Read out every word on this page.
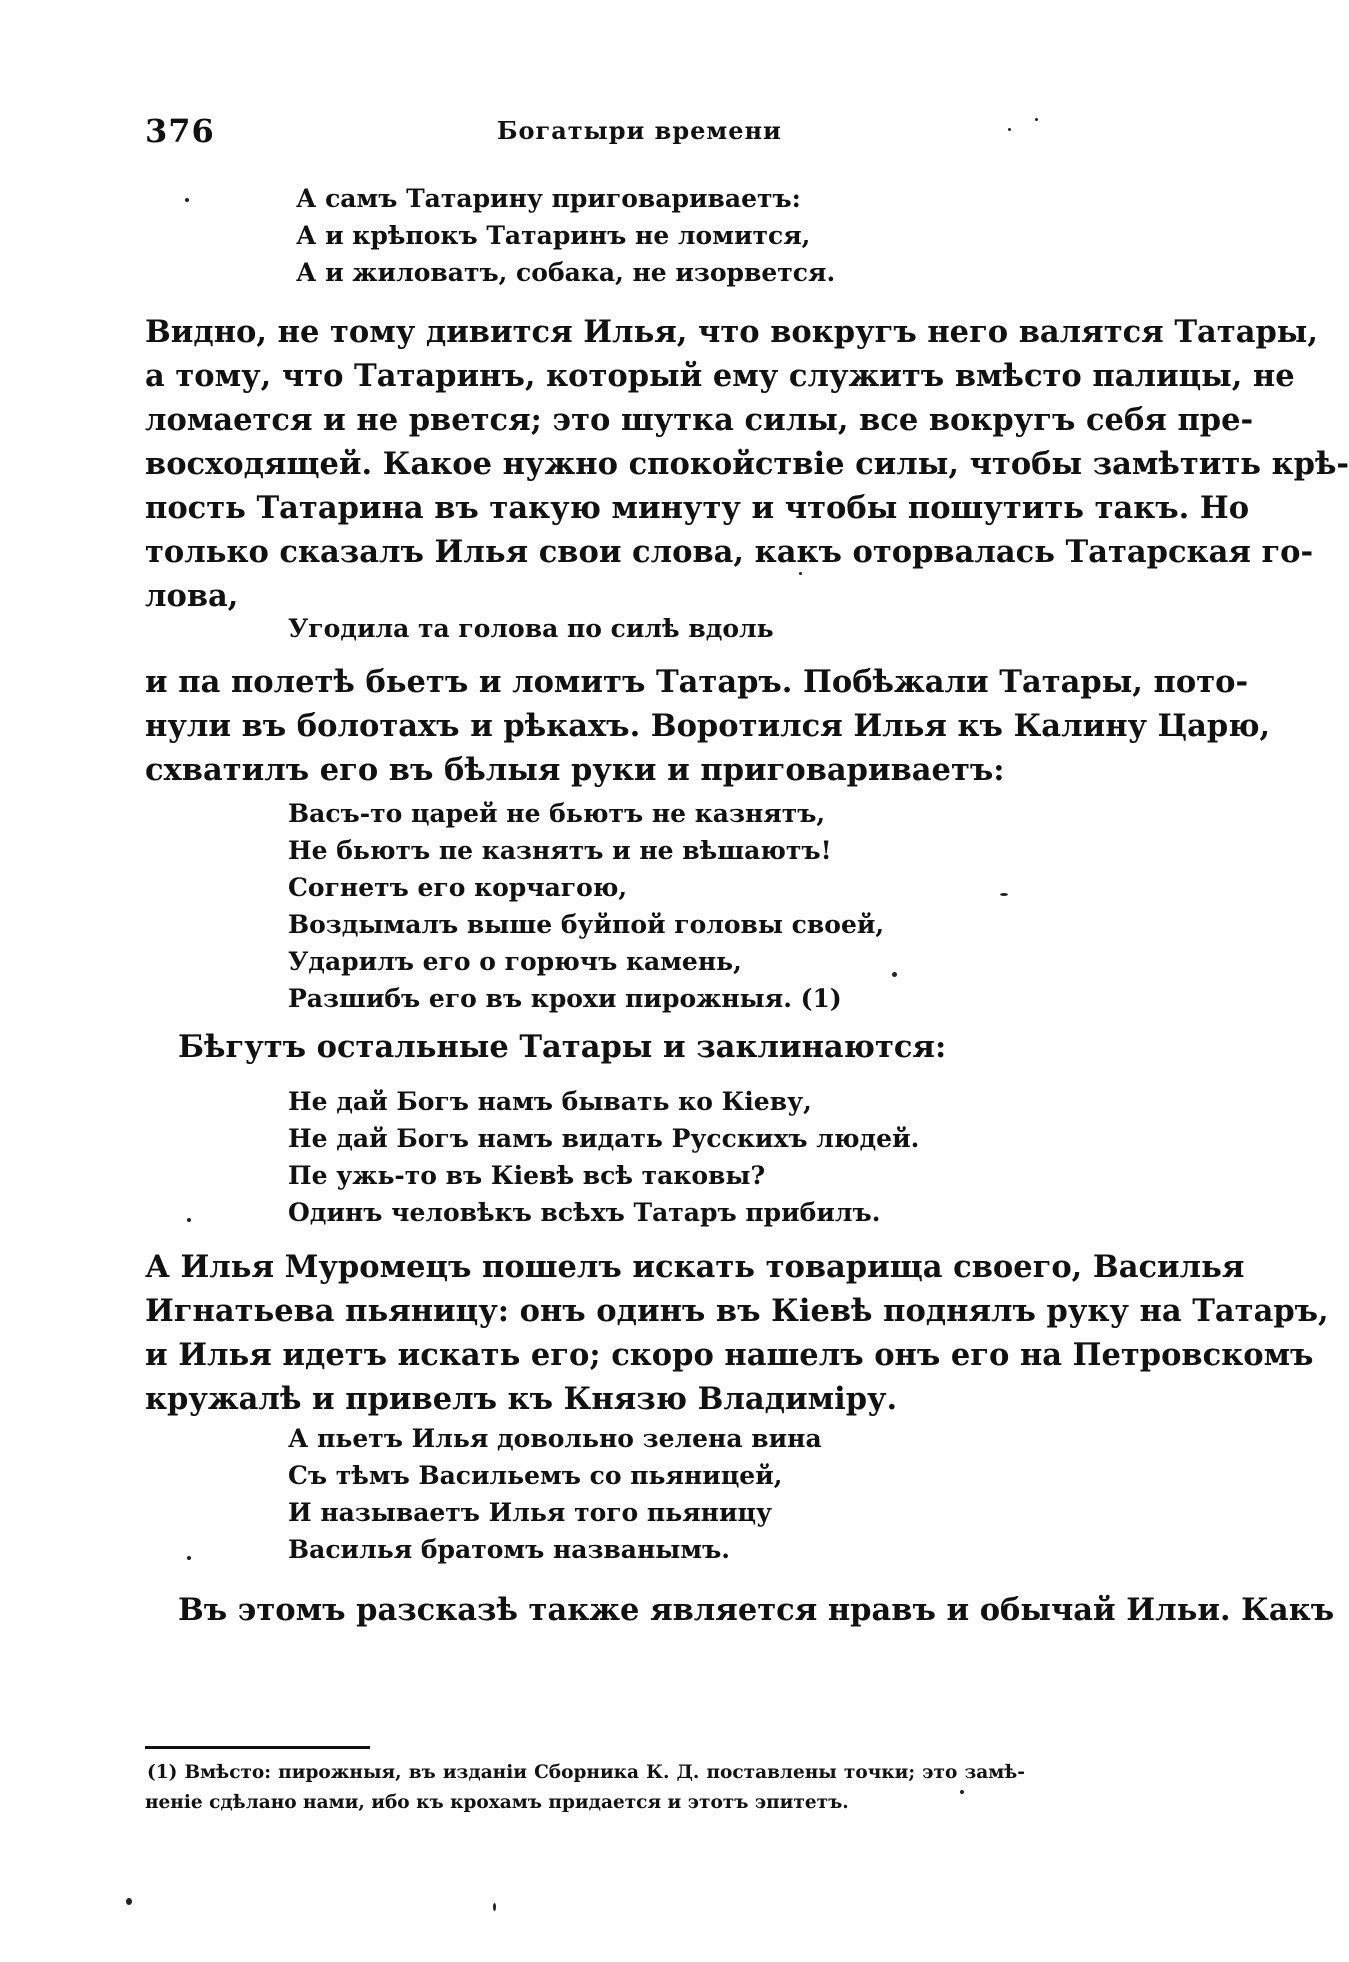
376	Богатыри времени
А самъ Татарину приговариваетъ:
А и крѣпокъ Татаринъ не ломится,
А и жиловатъ, собака, не изорвется.
Видно, не тому дивится Илья, что вокругъ него валятся Татары,
а тому, что Татаринъ, который ему служитъ вмѣсто палицы, не
ломается и не рвется; это шутка силы, все вокругъ себя пре-
восходящей. Какое нужно спокойствіе силы, чтобы замѣтить крѣ-
пость Татарина въ такую минуту и чтобы пошутить такъ. Но
только сказалъ Илья свои слова, какъ оторвалась Татарская го-
лова,
Угодила та голова по силѣ вдоль
и па полетѣ бьетъ и ломитъ Татаръ. Побѣжали Татары, пото-
нули въ болотахъ и рѣкахъ. Воротился Илья къ Калину Царю,
схватилъ его въ бѣлыя руки и приговариваетъ:
Васъ-то царей не бьютъ не казнятъ,
Не бьютъ пе казнятъ и не вѣшаютъ!
Согнетъ его корчагою,
Воздымалъ выше буйпой головы своей,
Ударилъ его о горючъ камень,
Разшибъ его въ крохи пирожныя. (1)
Бѣгутъ остальные Татары и заклинаются:
Не дай Богъ намъ бывать ко Кіеву,
Не дай Богъ намъ видать Русскихъ людей.
Пе ужь-то въ Кіевѣ всѣ таковы?
Одинъ человѣкъ всѣхъ Татаръ прибилъ.
А Илья Муромецъ пошелъ искать товарища своего, Василья
Игнатьева пьяницу: онъ одинъ въ Кіевѣ поднялъ руку на Татаръ,
и Илья идетъ искать его; скоро нашелъ онъ его на Петровскомъ
кружалѣ и привелъ къ Князю Владиміру.
А пьетъ Илья довольно зелена вина
Съ тѣмъ Васильемъ со пьяницей,
И называетъ Илья того пьяницу
Василья братомъ названымъ.
Въ этомъ разсказѣ также является нравъ и обычай Ильи. Какъ
(1) Вмѣсто: пирожныя, въ изданіи Сборника К. Д. поставлены точки; это замѣ-
неніе сдѣлано нами, ибо къ крохамъ придается и этотъ эпитетъ.
